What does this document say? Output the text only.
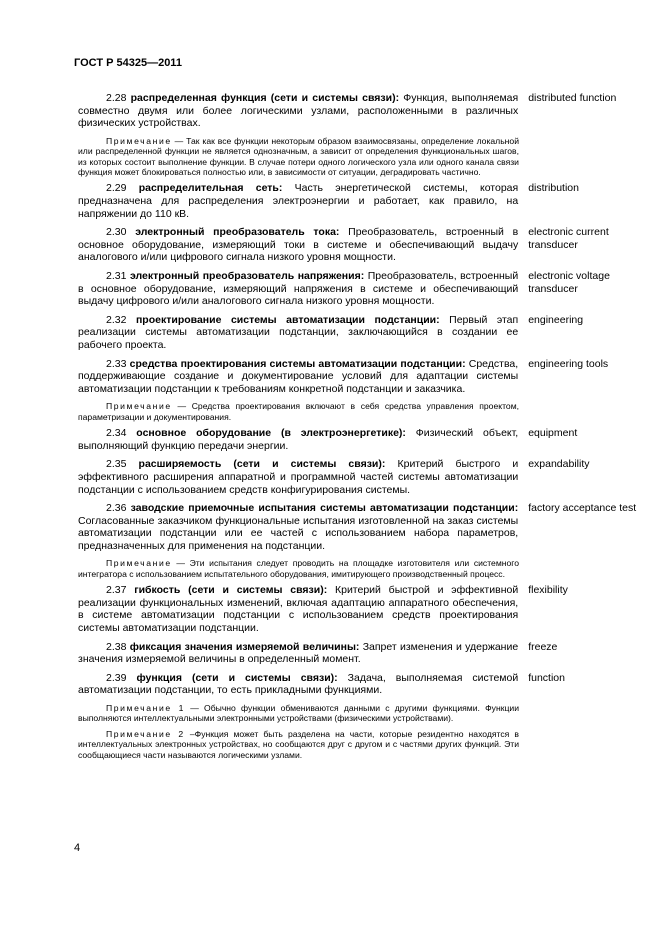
ГОСТ Р 54325—2011
2.28 распределенная функция (сети и системы связи): Функция, выполняемая совместно двумя или более логическими узлами, расположенными в различных физических устройствах.
distributed function
Примечание — Так как все функции некоторым образом взаимосвязаны, определение локальной или распределенной функции не является однозначным, а зависит от определения функциональных шагов, из которых состоит выполнение функции. В случае потери одного логического узла или одного канала связи функция может блокироваться полностью или, в зависимости от ситуации, деградировать частично.
2.29 распределительная сеть: Часть энергетической системы, которая предназначена для распределения электроэнергии и работает, как правило, на напряжении до 110 кВ.
distribution
2.30 электронный преобразователь тока: Преобразователь, встроенный в основное оборудование, измеряющий токи в системе и обеспечивающий выдачу аналогового и/или цифрового сигнала низкого уровня мощности.
electronic current transducer
2.31 электронный преобразователь напряжения: Преобразователь, встроенный в основное оборудование, измеряющий напряжения в системе и обеспечивающий выдачу цифрового и/или аналогового сигнала низкого уровня мощности.
electronic voltage transducer
2.32 проектирование системы автоматизации подстанции: Первый этап реализации системы автоматизации подстанции, заключающийся в создании ее рабочего проекта.
engineering
2.33 средства проектирования системы автоматизации подстанции: Средства, поддерживающие создание и документирование условий для адаптации системы автоматизации подстанции к требованиям конкретной подстанции и заказчика.
engineering tools
Примечание — Средства проектирования включают в себя средства управления проектом, параметризации и документирования.
2.34 основное оборудование (в электроэнергетике): Физический объект, выполняющий функцию передачи энергии.
equipment
2.35 расширяемость (сети и системы связи): Критерий быстрого и эффективного расширения аппаратной и программной частей системы автоматизации подстанции с использованием средств конфигурирования системы.
expandability
2.36 заводские приемочные испытания системы автоматизации подстанции: Согласованные заказчиком функциональные испытания изготовленной на заказ системы автоматизации подстанции или ее частей с использованием набора параметров, предназначенных для применения на подстанции.
factory acceptance test
Примечание — Эти испытания следует проводить на площадке изготовителя или системного интегратора с использованием испытательного оборудования, имитирующего производственный процесс.
2.37 гибкость (сети и системы связи): Критерий быстрой и эффективной реализации функциональных изменений, включая адаптацию аппаратного обеспечения, в системе автоматизации подстанции с использованием средств проектирования системы автоматизации подстанции.
flexibility
2.38 фиксация значения измеряемой величины: Запрет изменения и удержание значения измеряемой величины в определенный момент.
freeze
2.39 функция (сети и системы связи): Задача, выполняемая системой автоматизации подстанции, то есть прикладными функциями.
function
Примечание 1 — Обычно функции обмениваются данными с другими функциями. Функции выполняются интеллектуальными электронными устройствами (физическими устройствами).
Примечание 2 –Функция может быть разделена на части, которые резидентно находятся в интеллектуальных электронных устройствах, но сообщаются друг с другом и с частями других функций. Эти сообщающиеся части называются логическими узлами.
4
